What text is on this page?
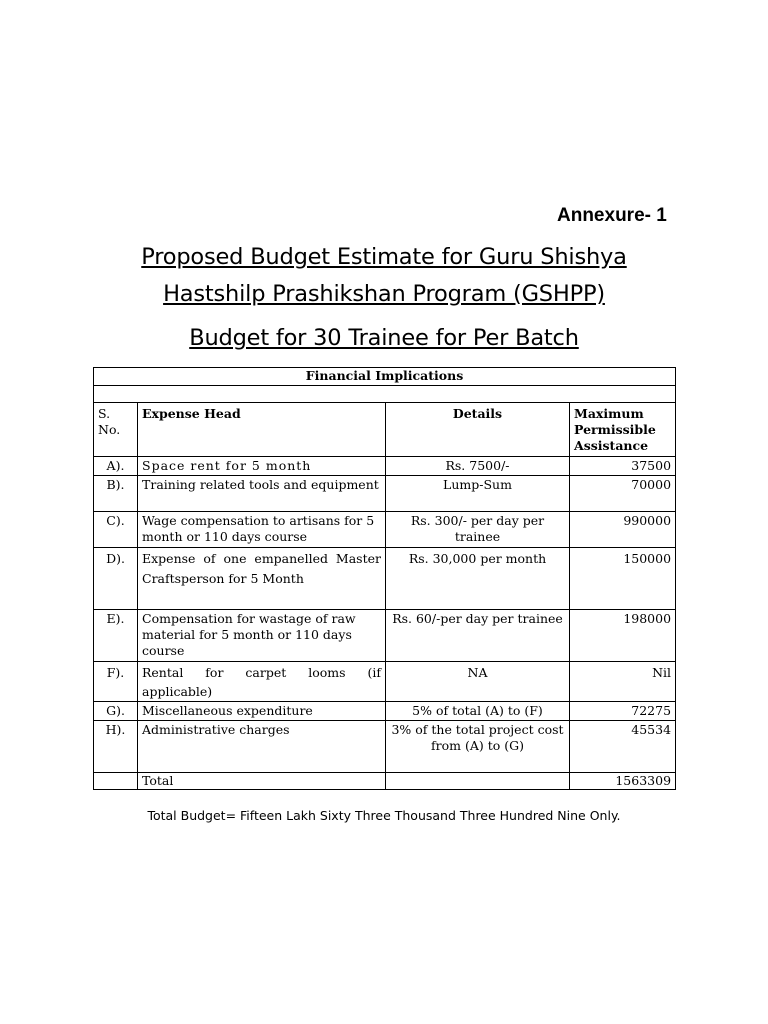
Annexure- 1
Proposed Budget Estimate for Guru Shishya
Hastshilp Prashikshan Program (GSHPP)
Budget for 30 Trainee for Per Batch
Financial Implications			

S. No.	Expense Head	Details	Maximum Permissible Assistance
A).	Space rent for 5 month	Rs. 7500/-	37500
B).	Training related tools and equipment	Lump-Sum	70000
C).	Wage compensation to artisans for 5 month or 110 days course	Rs. 300/- per day per trainee	990000
D).	Expense of one empanelled Master Craftsperson for 5 Month	Rs. 30,000 per month	150000
E).	Compensation for wastage of raw material for 5 month or 110 days course	Rs. 60/-per day per trainee	198000
F).	Rental for carpet looms (if applicable)	NA	Nil
G).	Miscellaneous expenditure	5% of total (A) to (F)	72275
H).	Administrative charges	3% of the total project cost from (A) to (G)	45534
	Total		1563309
Total Budget= Fifteen Lakh Sixty Three Thousand Three Hundred Nine Only.
